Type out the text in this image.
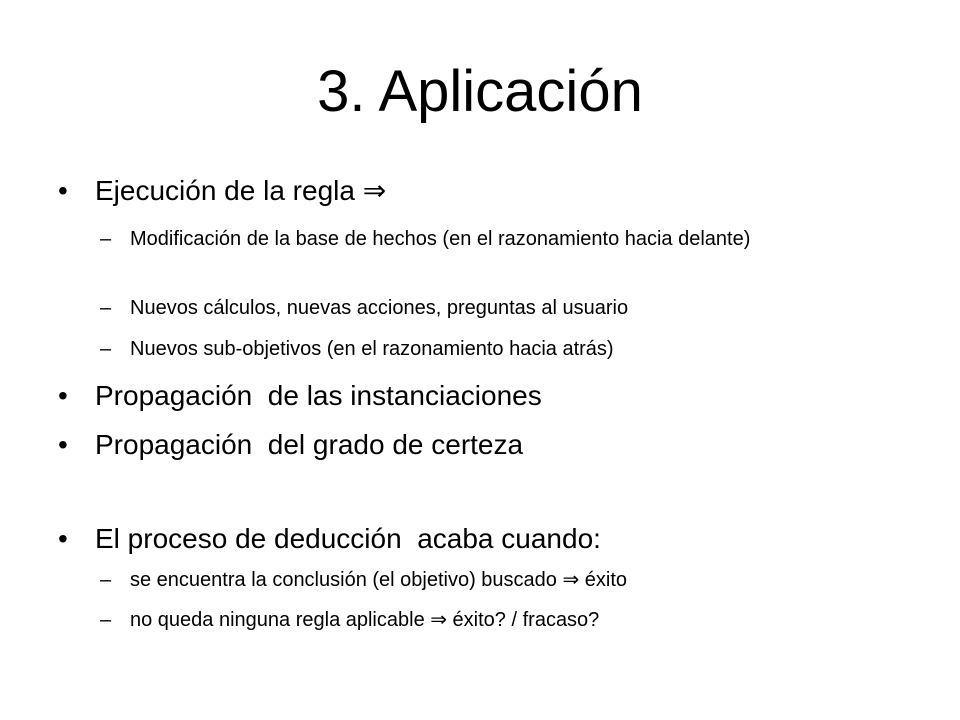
3. Aplicación
• Ejecución de la regla ⇒
– Modificación de la base de hechos (en el razonamiento hacia delante)
– Nuevos cálculos, nuevas acciones, preguntas al usuario
– Nuevos sub-objetivos (en el razonamiento hacia atrás)
• Propagación  de las instanciaciones
• Propagación  del grado de certeza
• El proceso de deducción  acaba cuando:
– se encuentra la conclusión (el objetivo) buscado ⇒ éxito
– no queda ninguna regla aplicable ⇒ éxito? / fracaso?
